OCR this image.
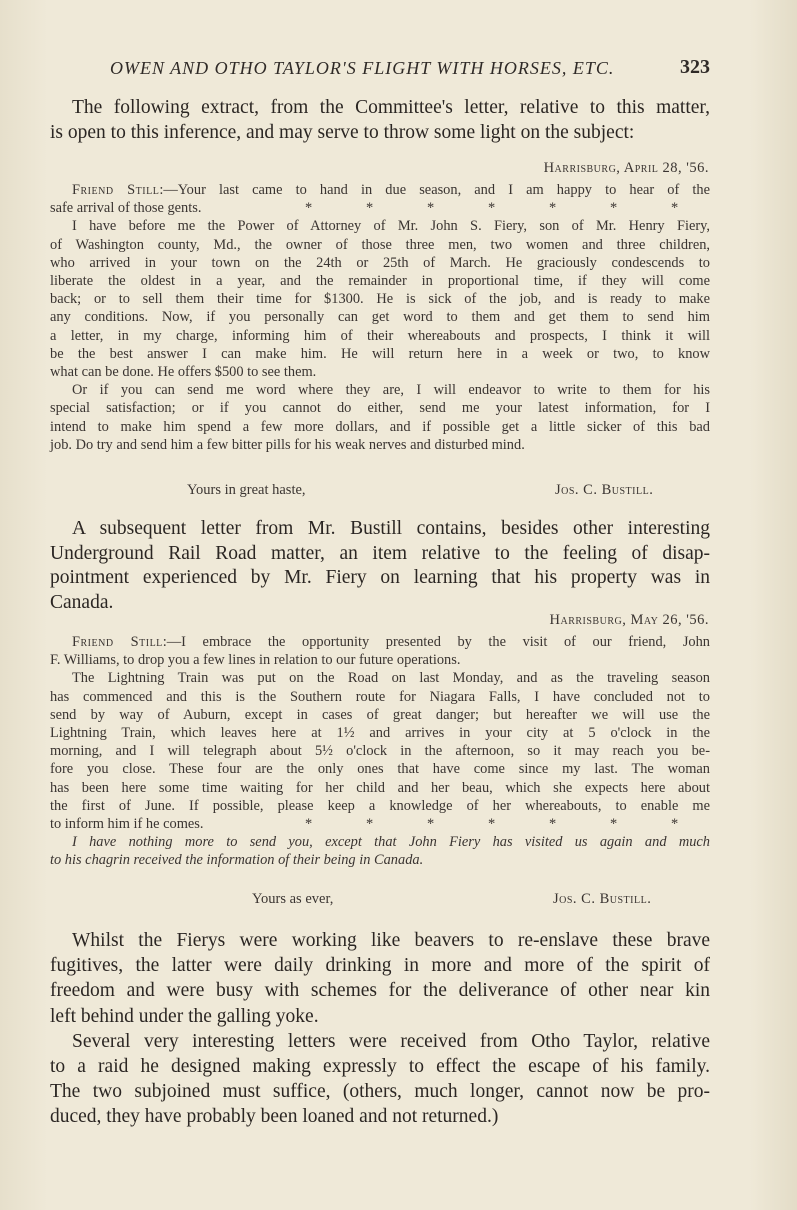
OWEN AND OTHO TAYLOR'S FLIGHT WITH HORSES, ETC.	323
The following extract, from the Committee's letter, relative to this matter,
is open to this inference, and may serve to throw some light on the subject:
Harrisburg, April 28, '56.
Friend Still:—Your last came to hand in due season, and I am happy to hear of the
safe arrival of those gents.	*	*	*	*	*	*	*
I have before me the Power of Attorney of Mr. John S. Fiery, son of Mr. Henry Fiery,
of Washington county, Md., the owner of those three men, two women and three children,
who arrived in your town on the 24th or 25th of March. He graciously condescends to
liberate the oldest in a year, and the remainder in proportional time, if they will come
back; or to sell them their time for $1300. He is sick of the job, and is ready to make
any conditions. Now, if you personally can get word to them and get them to send him
a letter, in my charge, informing him of their whereabouts and prospects, I think it will
be the best answer I can make him. He will return here in a week or two, to know
what can be done. He offers $500 to see them.
Or if you can send me word where they are, I will endeavor to write to them for his
special satisfaction; or if you cannot do either, send me your latest information, for I
intend to make him spend a few more dollars, and if possible get a little sicker of this bad
job. Do try and send him a few bitter pills for his weak nerves and disturbed mind.
Yours in great haste,	Jos. C. Bustill.
A subsequent letter from Mr. Bustill contains, besides other interesting
Underground Rail Road matter, an item relative to the feeling of disap-
pointment experienced by Mr. Fiery on learning that his property was in
Canada.
Harrisburg, May 26, '56.
Friend Still:—I embrace the opportunity presented by the visit of our friend, John
F. Williams, to drop you a few lines in relation to our future operations.
The Lightning Train was put on the Road on last Monday, and as the traveling season
has commenced and this is the Southern route for Niagara Falls, I have concluded not to
send by way of Auburn, except in cases of great danger; but hereafter we will use the
Lightning Train, which leaves here at 1½ and arrives in your city at 5 o'clock in the
morning, and I will telegraph about 5½ o'clock in the afternoon, so it may reach you be-
fore you close. These four are the only ones that have come since my last. The woman
has been here some time waiting for her child and her beau, which she expects here about
the first of June. If possible, please keep a knowledge of her whereabouts, to enable me
to inform him if he comes.	*	*	*	*	*	*	*
I have nothing more to send you, except that John Fiery has visited us again and much
to his chagrin received the information of their being in Canada.
Yours as ever,	Jos. C. Bustill.
Whilst the Fierys were working like beavers to re-enslave these brave
fugitives, the latter were daily drinking in more and more of the spirit of
freedom and were busy with schemes for the deliverance of other near kin
left behind under the galling yoke.
Several very interesting letters were received from Otho Taylor, relative
to a raid he designed making expressly to effect the escape of his family.
The two subjoined must suffice, (others, much longer, cannot now be pro-
duced, they have probably been loaned and not returned.)
